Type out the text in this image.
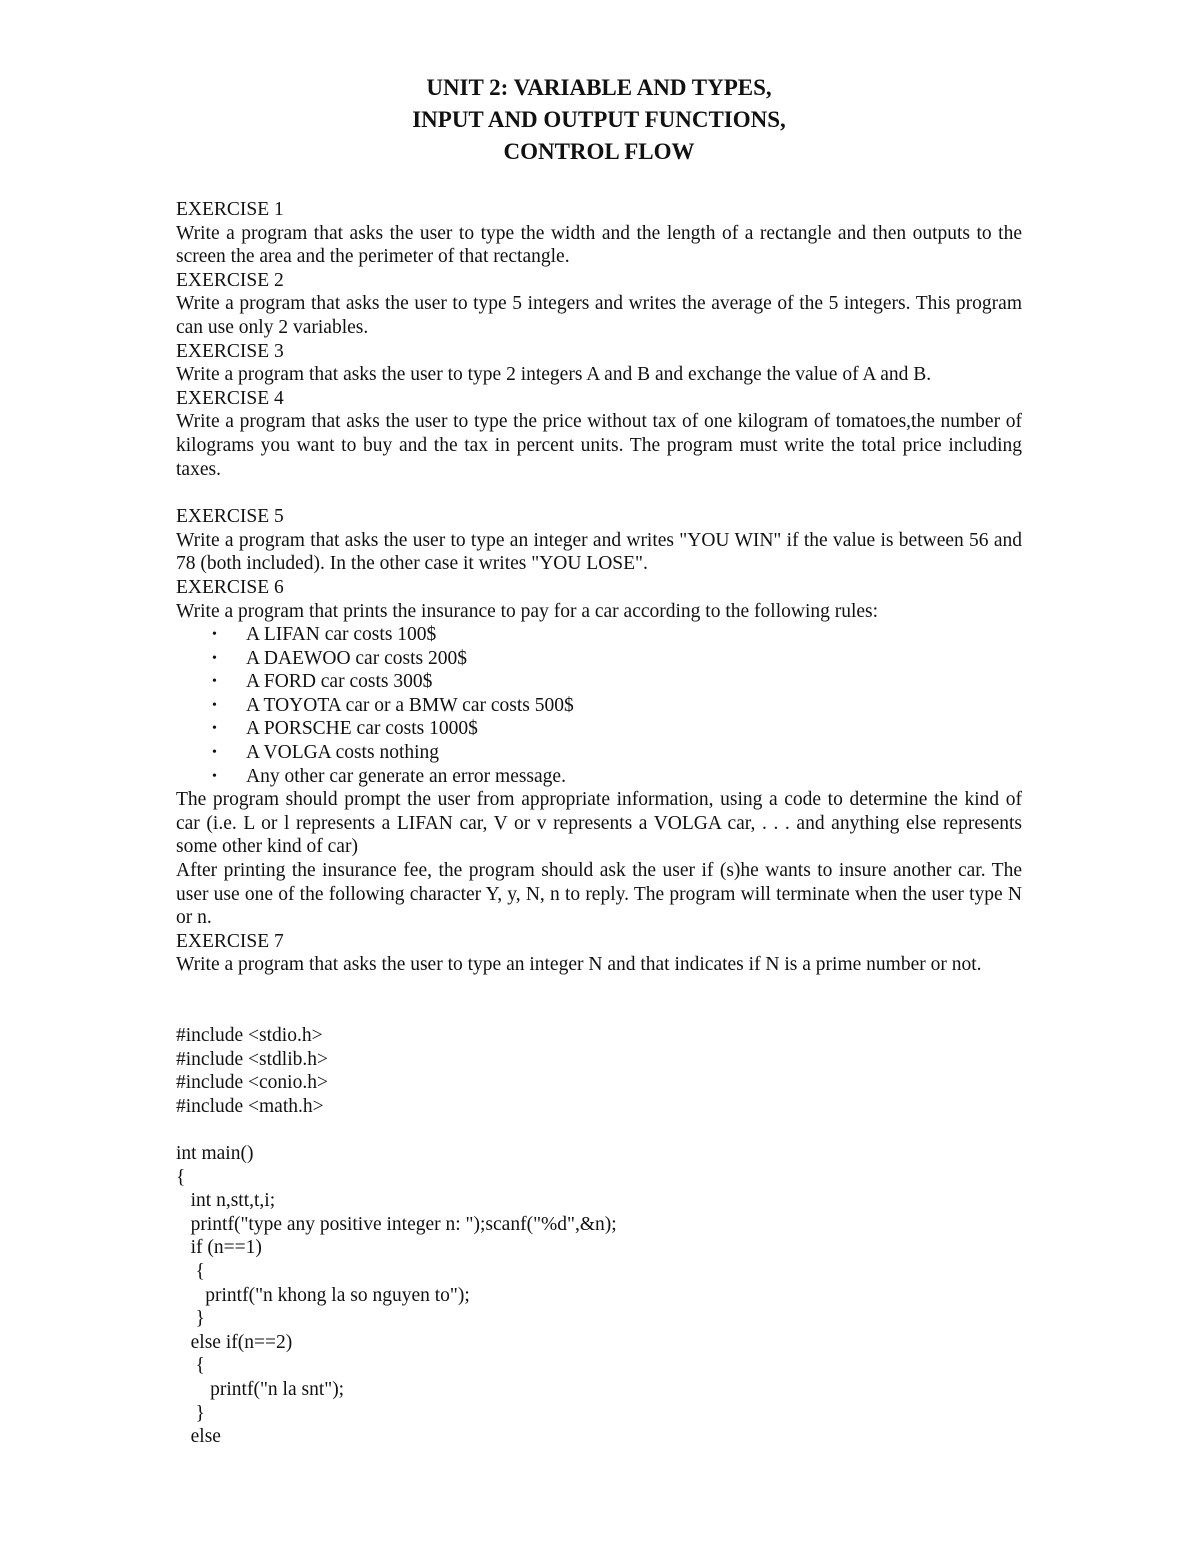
UNIT 2: VARIABLE AND TYPES,
INPUT AND OUTPUT FUNCTIONS,
CONTROL FLOW

EXERCISE 1

Write a program that asks the user to type the width and the length of a rectangle and then outputs to the screen the area and the perimeter of that rectangle.

EXERCISE 2

Write a program that asks the user to type 5 integers and writes the average of the 5 integers. This program can use only 2 variables.

EXERCISE 3

Write a program that asks the user to type 2 integers A and B and exchange the value of A and B.

EXERCISE 4

Write a program that asks the user to type the price without tax of one kilogram of tomatoes,the number of kilograms you want to buy and the tax in percent units. The program must write the total price including taxes.

EXERCISE 5

Write a program that asks the user to type an integer and writes "YOU WIN" if the value is between 56 and 78 (both included). In the other case it writes "YOU LOSE".

EXERCISE 6

Write a program that prints the insurance to pay for a car according to the following rules:

• A LIFAN car costs 100$
• A DAEWOO car costs 200$
• A FORD car costs 300$
• A TOYOTA car or a BMW car costs 500$
• A PORSCHE car costs 1000$
• A VOLGA costs nothing
• Any other car generate an error message.

The program should prompt the user from appropriate information, using a code to determine the kind of car (i.e. L or l represents a LIFAN car, V or v represents a VOLGA car, . . . and anything else represents some other kind of car)

After printing the insurance fee, the program should ask the user if (s)he wants to insure another car. The user use one of the following character Y, y, N, n to reply. The program will terminate when the user type N or n.

EXERCISE 7

Write a program that asks the user to type an integer N and that indicates if N is a prime number or not.

#include <stdio.h>
#include <stdlib.h>
#include <conio.h>
#include <math.h>
int main()
{
int n,stt,t,i;
printf("type any positive integer n: ");scanf("%d",&n);
if (n==1)
{
printf("n khong la so nguyen to");
}
else if(n==2)
{
printf("n la snt");
}
else
